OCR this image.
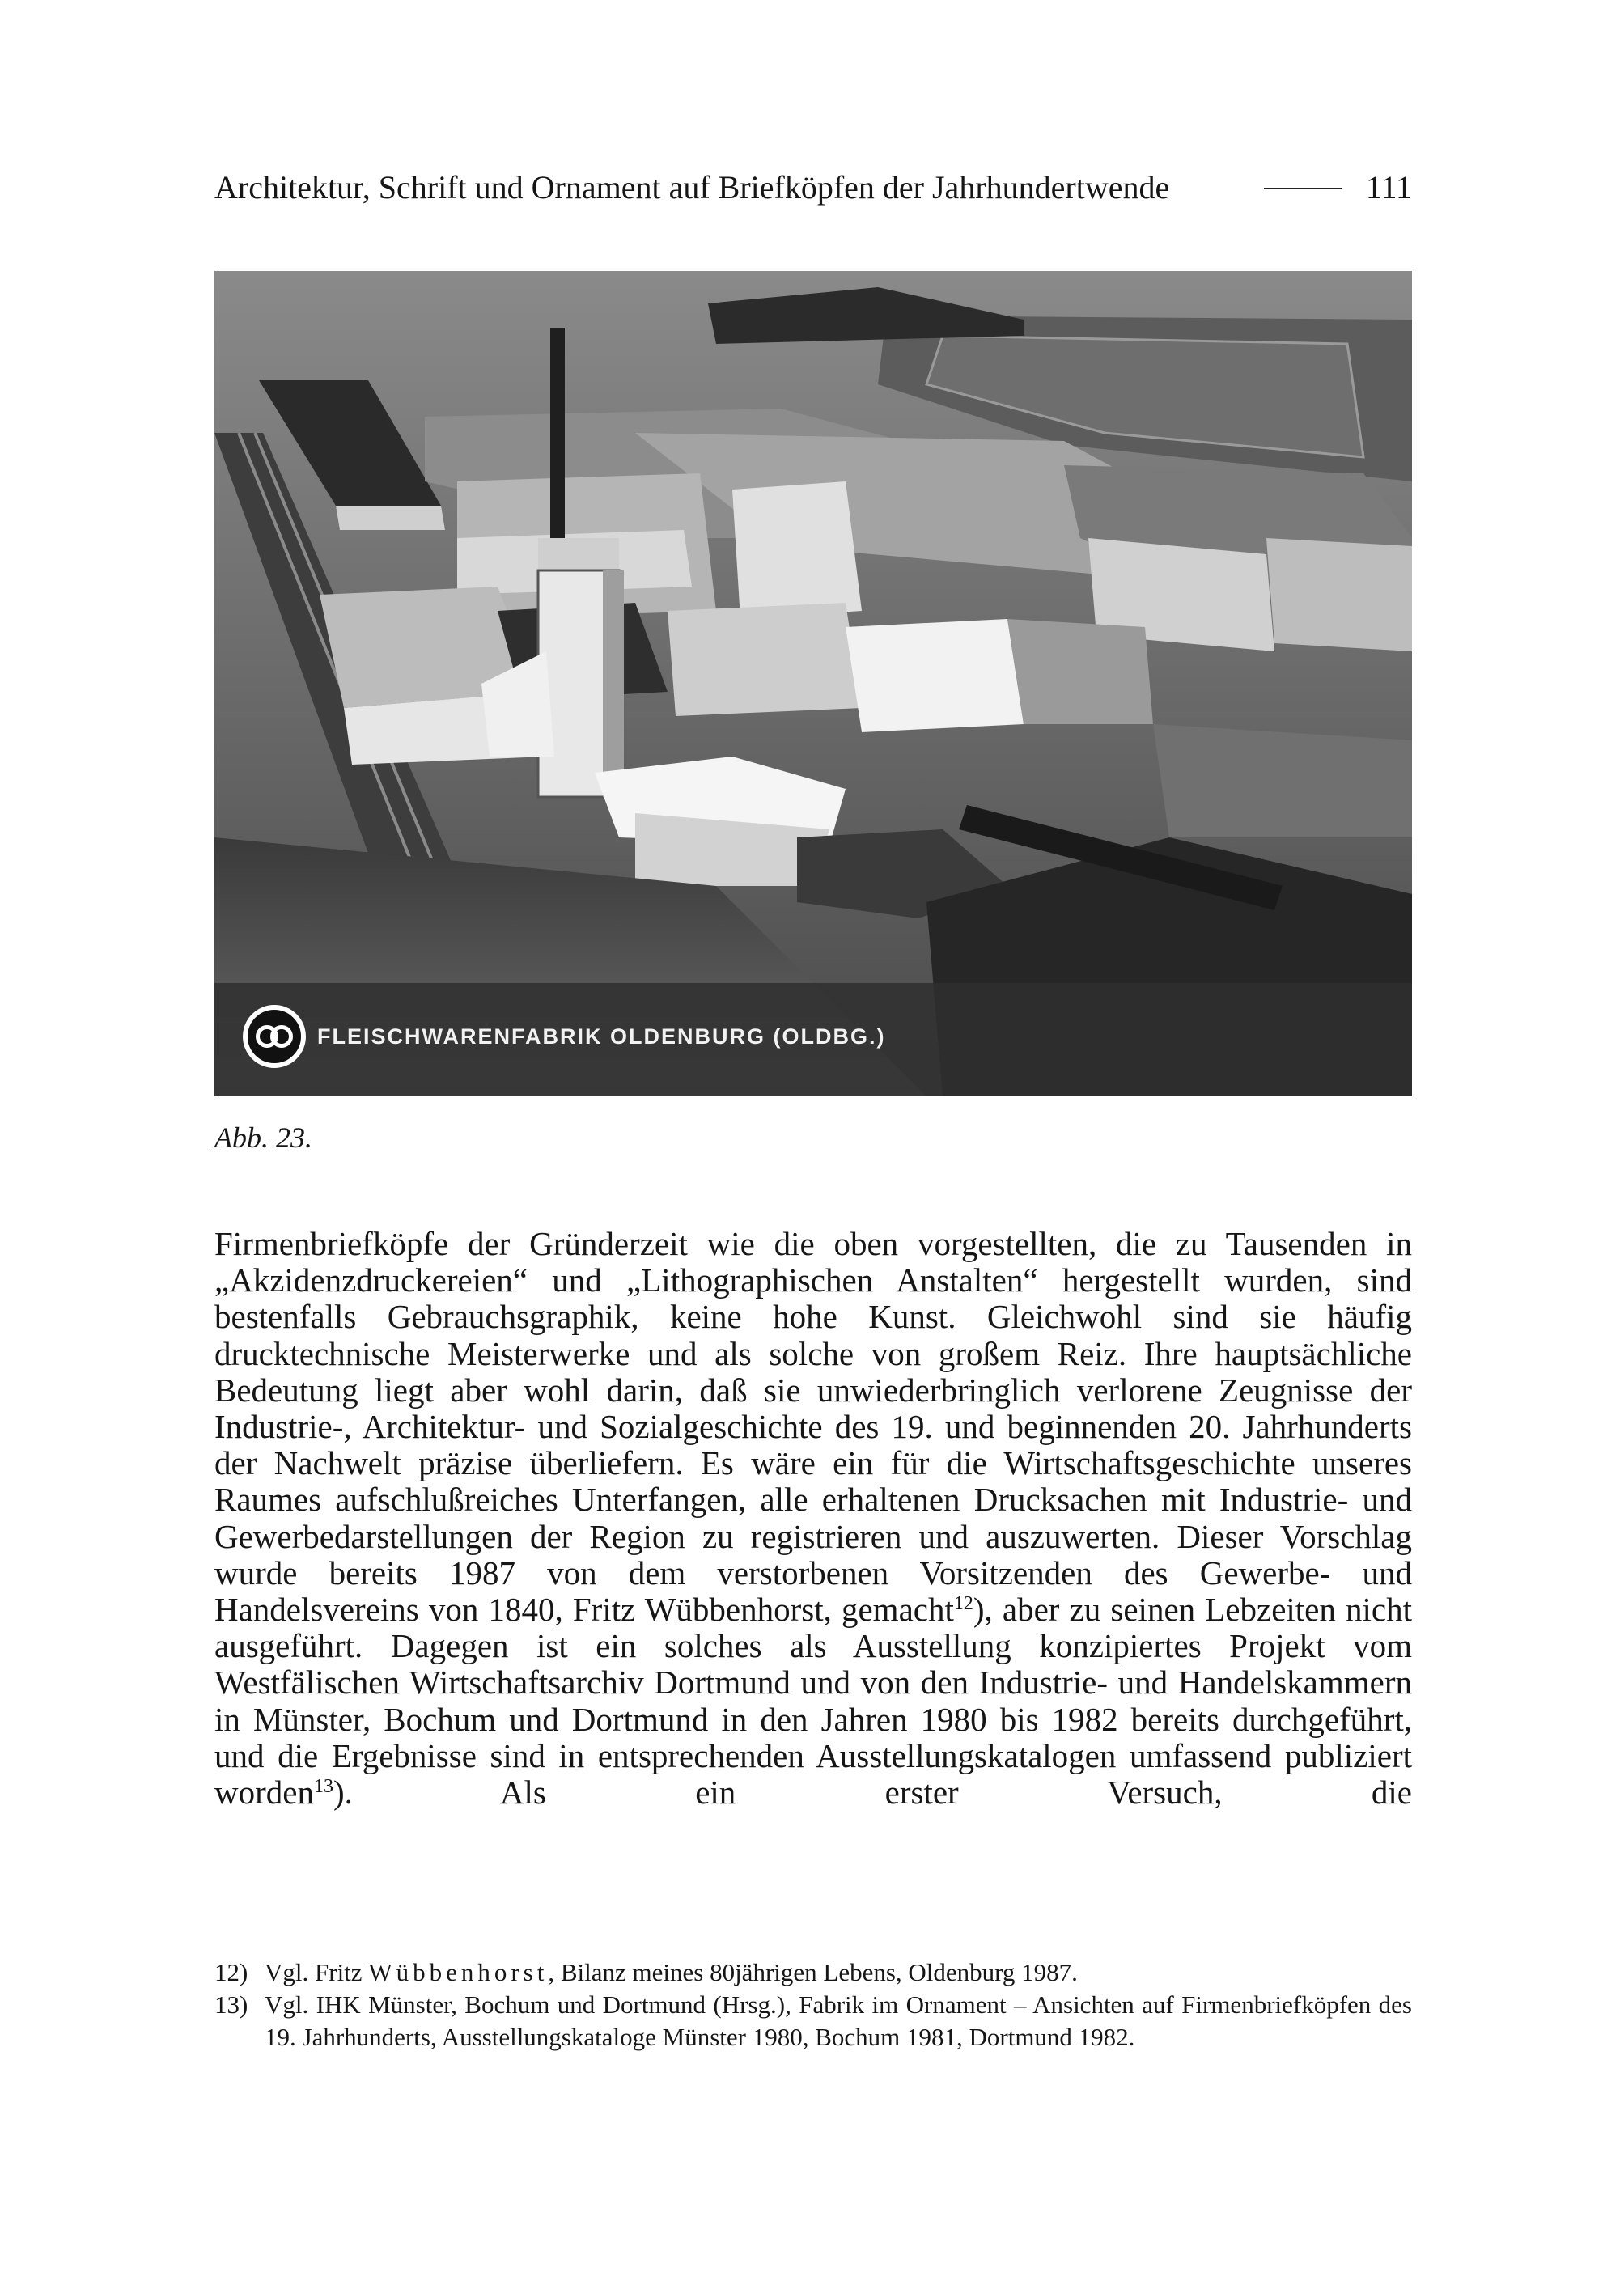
Architektur, Schrift und Ornament auf Briefköpfen der Jahrhundertwende	111
FLEISCHWARENFABRIK OLDENBURG (OLDBG.)
Abb. 23.

Firmenbriefköpfe der Gründerzeit wie die oben vorgestellten, die zu Tausenden in „Akzidenzdruckereien“ und „Lithographischen Anstalten“ hergestellt wurden, sind bestenfalls Gebrauchsgraphik, keine hohe Kunst. Gleichwohl sind sie häufig drucktechnische Meisterwerke und als solche von großem Reiz. Ihre hauptsächliche Bedeutung liegt aber wohl darin, daß sie unwiederbringlich verlorene Zeugnisse der Industrie-, Architektur- und Sozialgeschichte des 19. und beginnenden 20. Jahrhunderts der Nachwelt präzise überliefern. Es wäre ein für die Wirtschaftsgeschichte unseres Raumes aufschlußreiches Unterfangen, alle erhaltenen Drucksachen mit Industrie- und Gewerbedarstellungen der Region zu registrieren und auszuwerten. Dieser Vorschlag wurde bereits 1987 von dem verstorbenen Vorsitzenden des Gewerbe- und Handelsvereins von 1840, Fritz Wübbenhorst, gemacht$^{12}$), aber zu seinen Lebzeiten nicht ausgeführt. Dagegen ist ein solches als Ausstellung konzipiertes Projekt vom Westfälischen Wirtschaftsarchiv Dortmund und von den Industrie- und Handelskammern in Münster, Bochum und Dortmund in den Jahren 1980 bis 1982 bereits durchgeführt, und die Ergebnisse sind in entsprechenden Ausstellungskatalogen umfassend publiziert worden$^{13}$). Als ein erster Versuch, die

12) Vgl. Fritz Wübbenhorst, Bilanz meines 80jährigen Lebens, Oldenburg 1987.
13) Vgl. IHK Münster, Bochum und Dortmund (Hrsg.), Fabrik im Ornament – Ansichten auf Firmenbriefköpfen des 19. Jahrhunderts, Ausstellungskataloge Münster 1980, Bochum 1981, Dortmund 1982.
